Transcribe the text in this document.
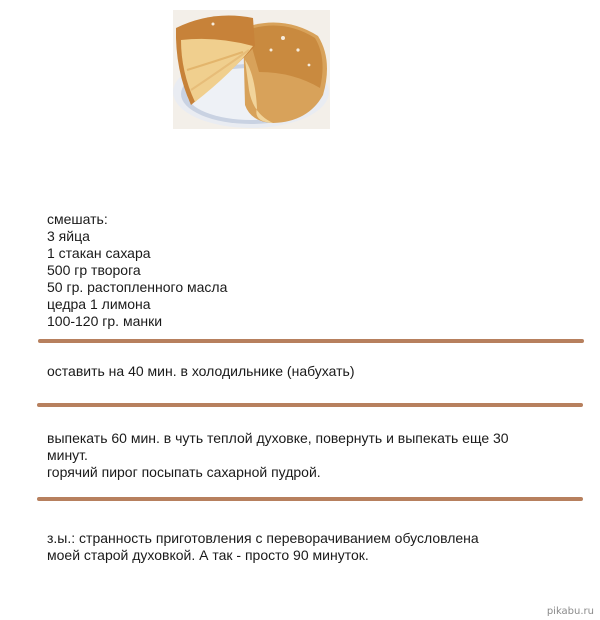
смешать:
3 яйца
1 стакан сахара
500 гр творога
50 гр. растопленного масла
цедра 1 лимона
100-120 гр. манки
оставить на 40 мин. в холодильнике (набухать)
выпекать 60 мин. в чуть теплой духовке, повернуть и выпекать еще 30 минут.
горячий пирог посыпать сахарной пудрой.
з.ы.: странность приготовления с переворачиванием обусловлена моей старой духовкой. А так - просто 90 минуток.
pikabu.ru
